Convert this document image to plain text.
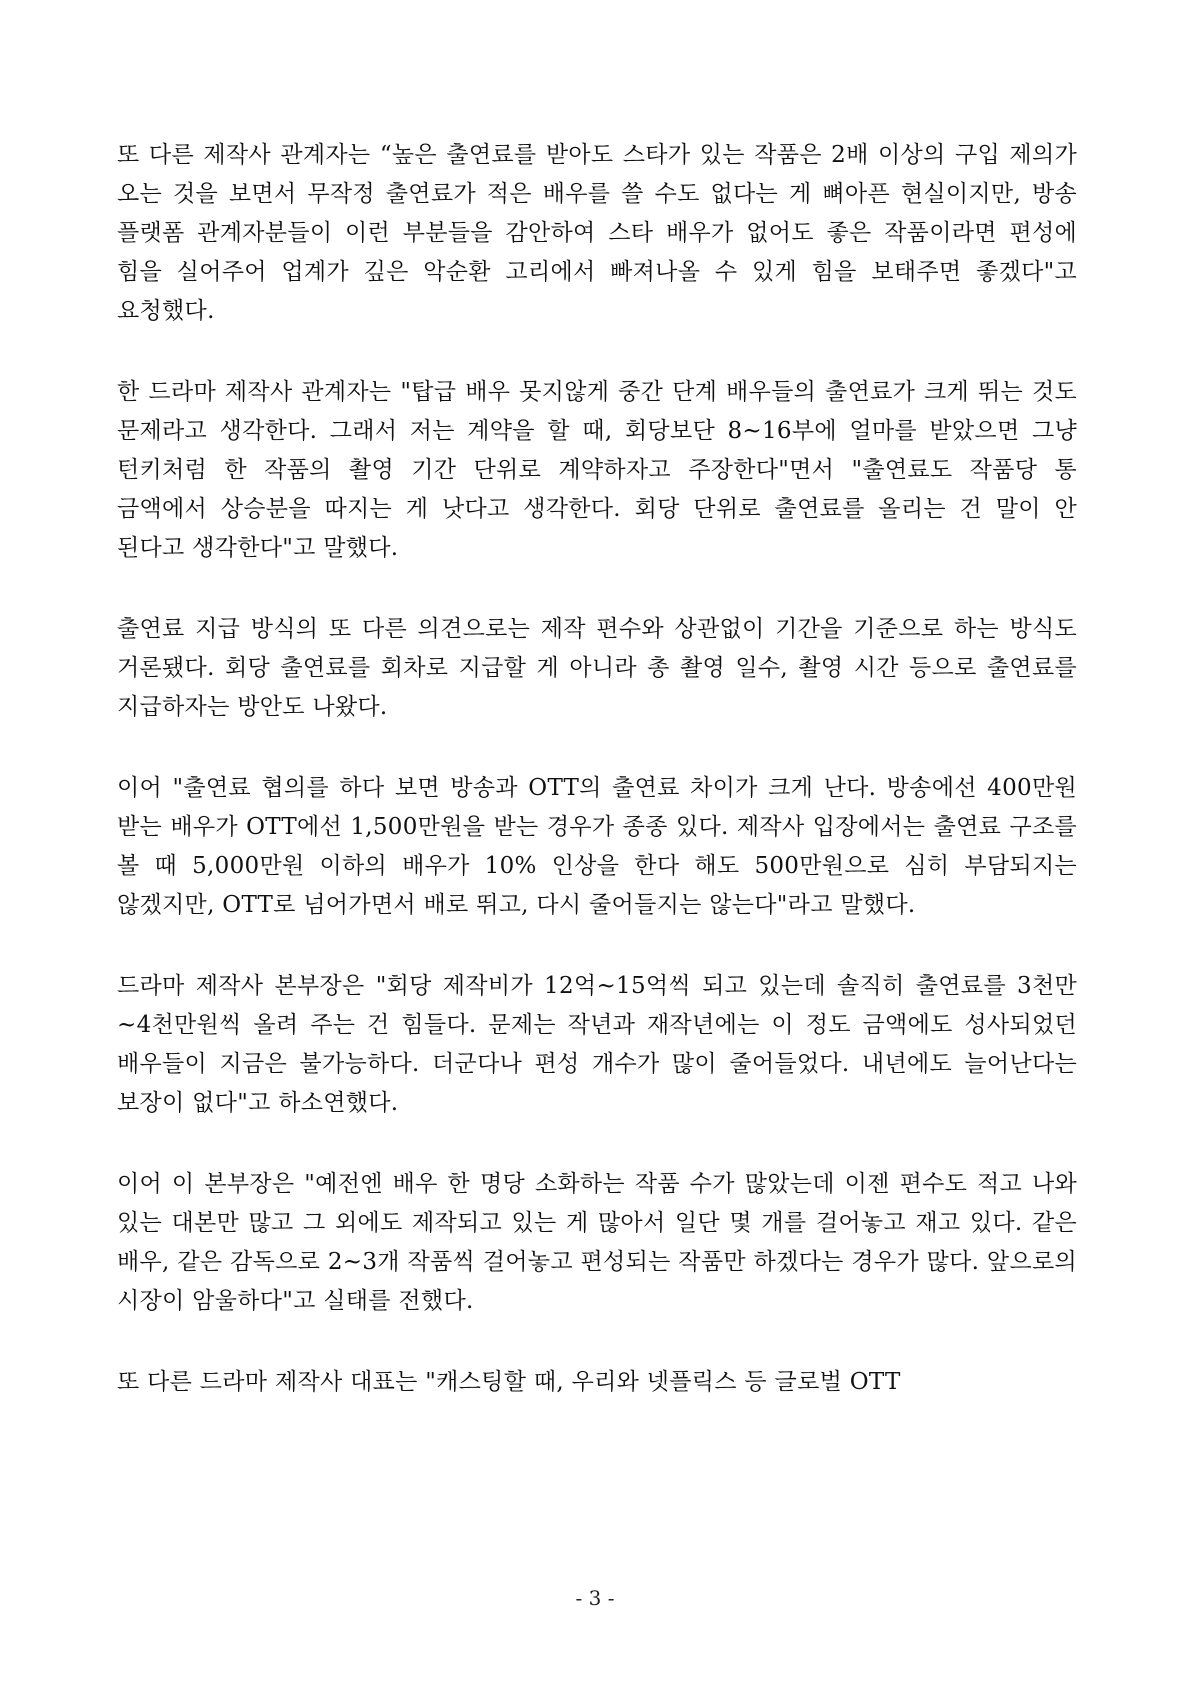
또 다른 제작사 관계자는 “높은 출연료를 받아도 스타가 있는 작품은 2배 이상의 구입 제의가 오는 것을 보면서 무작정 출연료가 적은 배우를 쓸 수도 없다는 게 뼈아픈 현실이지만, 방송 플랫폼 관계자분들이 이런 부분들을 감안하여 스타 배우가 없어도 좋은 작품이라면 편성에 힘을 실어주어 업계가 깊은 악순환 고리에서 빠져나올 수 있게 힘을 보태주면 좋겠다"고 요청했다.

한 드라마 제작사 관계자는 "탑급 배우 못지않게 중간 단계 배우들의 출연료가 크게 뛰는 것도 문제라고 생각한다. 그래서 저는 계약을 할 때, 회당보단 8~16부에 얼마를 받았으면 그냥 턴키처럼 한 작품의 촬영 기간 단위로 계약하자고 주장한다"면서 "출연료도 작품당 통 금액에서 상승분을 따지는 게 낫다고 생각한다. 회당 단위로 출연료를 올리는 건 말이 안 된다고 생각한다"고 말했다.

출연료 지급 방식의 또 다른 의견으로는 제작 편수와 상관없이 기간을 기준으로 하는 방식도 거론됐다. 회당 출연료를 회차로 지급할 게 아니라 총 촬영 일수, 촬영 시간 등으로 출연료를 지급하자는 방안도 나왔다.

이어 "출연료 협의를 하다 보면 방송과 OTT의 출연료 차이가 크게 난다. 방송에선 400만원 받는 배우가 OTT에선 1,500만원을 받는 경우가 종종 있다. 제작사 입장에서는 출연료 구조를 볼 때 5,000만원 이하의 배우가 10% 인상을 한다 해도 500만원으로 심히 부담되지는 않겠지만, OTT로 넘어가면서 배로 뛰고, 다시 줄어들지는 않는다"라고 말했다.

드라마 제작사 본부장은 "회당 제작비가 12억~15억씩 되고 있는데 솔직히 출연료를 3천만~4천만원씩 올려 주는 건 힘들다. 문제는 작년과 재작년에는 이 정도 금액에도 성사되었던 배우들이 지금은 불가능하다. 더군다나 편성 개수가 많이 줄어들었다. 내년에도 늘어난다는 보장이 없다"고 하소연했다.

이어 이 본부장은 "예전엔 배우 한 명당 소화하는 작품 수가 많았는데 이젠 편수도 적고 나와 있는 대본만 많고 그 외에도 제작되고 있는 게 많아서 일단 몇 개를 걸어놓고 재고 있다. 같은 배우, 같은 감독으로 2~3개 작품씩 걸어놓고 편성되는 작품만 하겠다는 경우가 많다. 앞으로의 시장이 암울하다"고 실태를 전했다.

또 다른 드라마 제작사 대표는 "캐스팅할 때, 우리와 넷플릭스 등 글로벌 OTT

- 3 -
